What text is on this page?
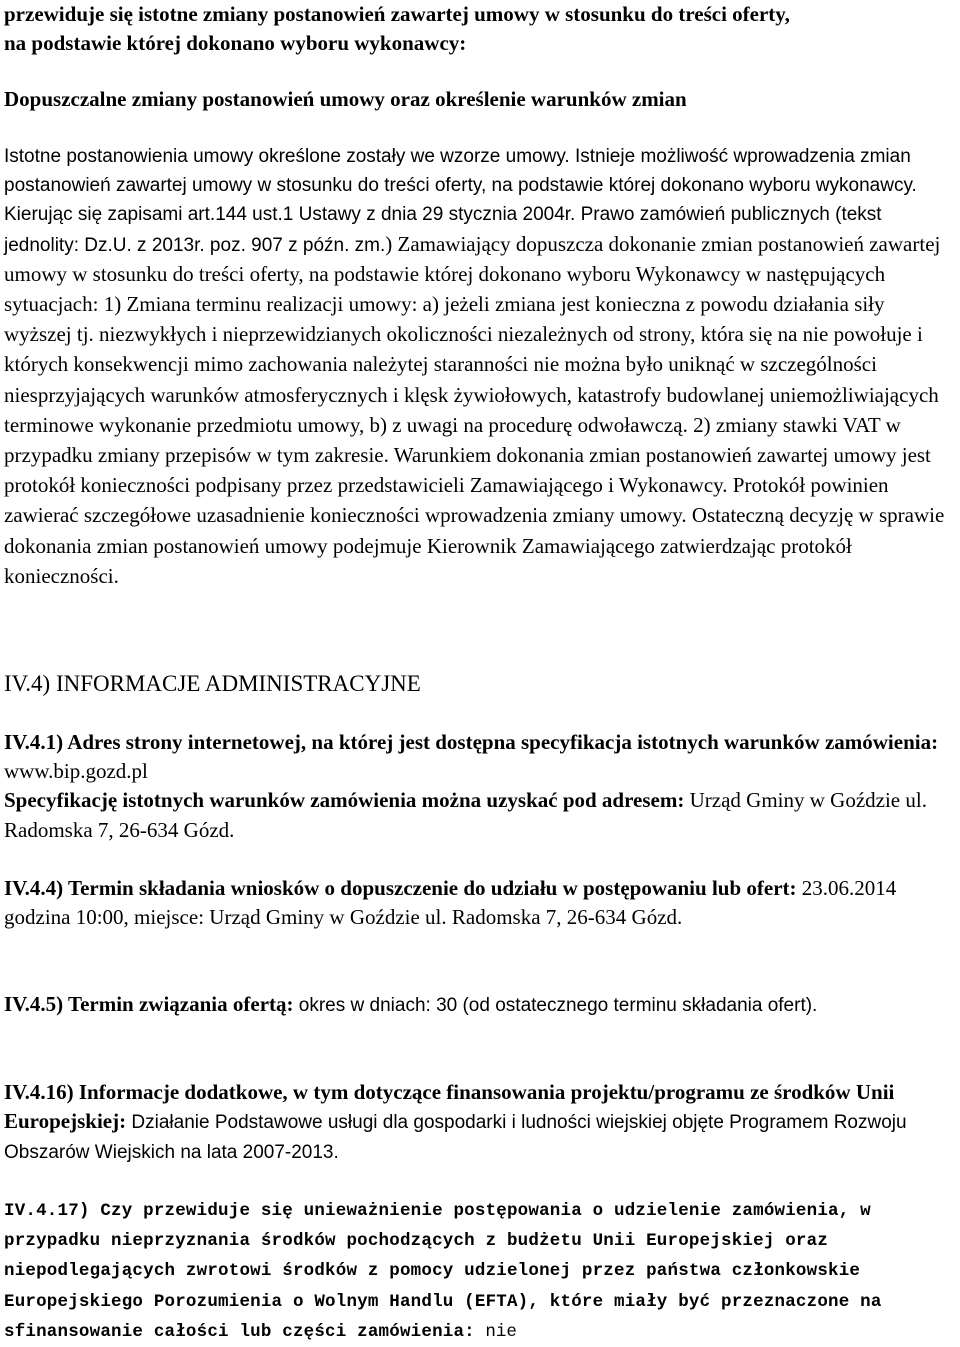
przewiduje się istotne zmiany postanowień zawartej umowy w stosunku do treści oferty,
na podstawie której dokonano wyboru wykonawcy:
Dopuszczalne zmiany postanowień umowy oraz określenie warunków zmian

Istotne postanowienia umowy określone zostały we wzorze umowy. Istnieje możliwość wprowadzenia zmian postanowień zawartej umowy w stosunku do treści oferty, na podstawie której dokonano wyboru wykonawcy. Kierując się zapisami art.144 ust.1 Ustawy z dnia 29 stycznia 2004r. Prawo zamówień publicznych (tekst jednolity: Dz.U. z 2013r. poz. 907 z późn. zm.) Zamawiający dopuszcza dokonanie zmian postanowień zawartej umowy w stosunku do treści oferty, na podstawie której dokonano wyboru Wykonawcy w następujących sytuacjach: 1) Zmiana terminu realizacji umowy: a) jeżeli zmiana jest konieczna z powodu działania siły wyższej tj. niezwykłych i nieprzewidzianych okoliczności niezależnych od strony, która się na nie powołuje i których konsekwencji mimo zachowania należytej staranności nie można było uniknąć w szczególności niesprzyjających warunków atmosferycznych i klęsk żywiołowych, katastrofy budowlanej uniemożliwiających terminowe wykonanie przedmiotu umowy, b) z uwagi na procedurę odwoławczą. 2) zmiany stawki VAT w przypadku zmiany przepisów w tym zakresie. Warunkiem dokonania zmian postanowień zawartej umowy jest protokół konieczności podpisany przez przedstawicieli Zamawiającego i Wykonawcy. Protokół powinien zawierać szczegółowe uzasadnienie konieczności wprowadzenia zmiany umowy. Ostateczną decyzję w sprawie dokonania zmian postanowień umowy podejmuje Kierownik Zamawiającego zatwierdzając protokół konieczności.

IV.4) INFORMACJE ADMINISTRACYJNE

IV.4.1) Adres strony internetowej, na której jest dostępna specyfikacja istotnych warunków zamówienia: www.bip.gozd.pl
Specyfikację istotnych warunków zamówienia można uzyskać pod adresem: Urząd Gminy w Goździe ul. Radomska 7, 26-634 Gózd.

IV.4.4) Termin składania wniosków o dopuszczenie do udziału w postępowaniu lub ofert: 23.06.2014 godzina 10:00, miejsce: Urząd Gminy w Goździe ul. Radomska 7, 26-634 Gózd.

IV.4.5) Termin związania ofertą: okres w dniach: 30 (od ostatecznego terminu składania ofert).

IV.4.16) Informacje dodatkowe, w tym dotyczące finansowania projektu/programu ze środków Unii Europejskiej: Działanie Podstawowe usługi dla gospodarki i ludności wiejskiej objęte Programem Rozwoju Obszarów Wiejskich na lata 2007-2013.

IV.4.17) Czy przewiduje się unieważnienie postępowania o udzielenie zamówienia, w przypadku nieprzyznania środków pochodzących z budżetu Unii Europejskiej oraz niepodlegających zwrotowi środków z pomocy udzielonej przez państwa członkowskie Europejskiego Porozumienia o Wolnym Handlu (EFTA), które miały być przeznaczone na sfinansowanie całości lub części zamówienia: nie
